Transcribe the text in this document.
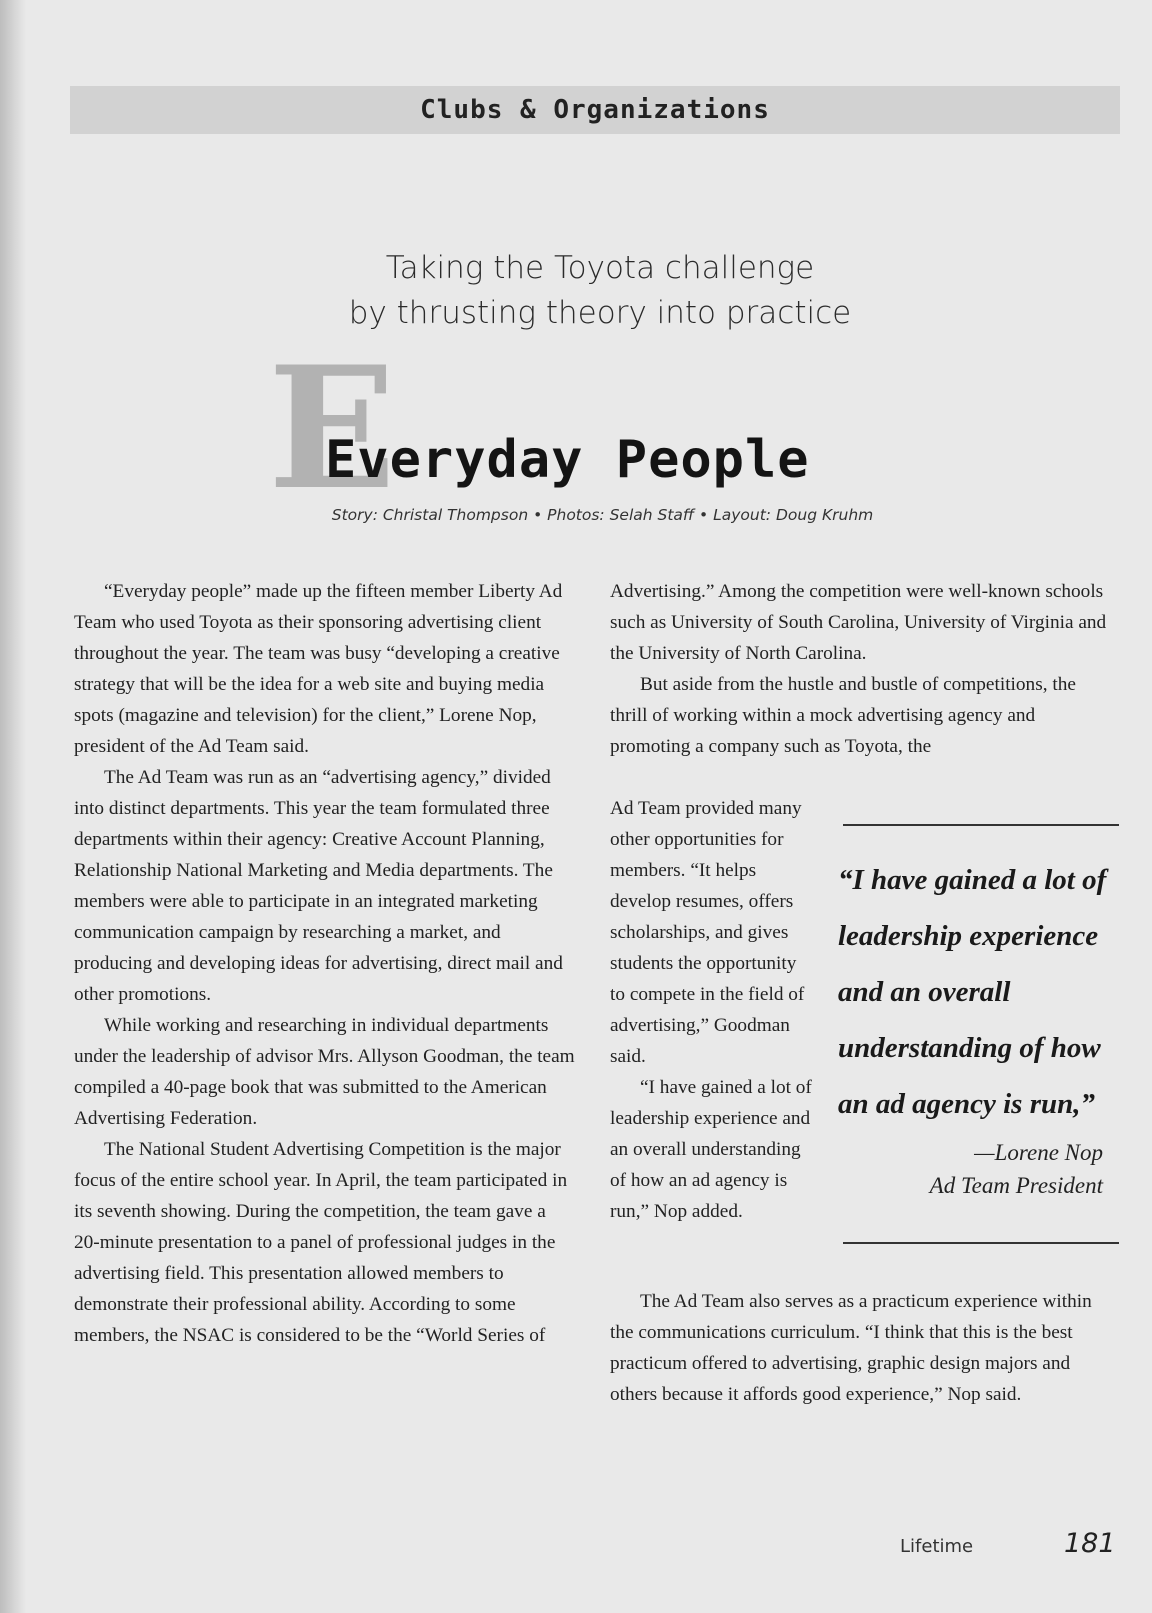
Clubs & Organizations
Taking the Toyota challenge
by thrusting theory into practice
E
Everyday People
Story: Christal Thompson • Photos: Selah Staff • Layout: Doug Kruhm

“Everyday people” made up the fifteen member Liberty Ad Team who used Toyota as their sponsoring advertising client throughout the year. The team was busy “developing a creative strategy that will be the idea for a web site and buying media spots (magazine and television) for the client,” Lorene Nop, president of the Ad Team said.

The Ad Team was run as an “advertising agency,” divided into distinct departments. This year the team formulated three departments within their agency: Creative Account Planning, Relationship National Marketing and Media departments. The members were able to participate in an integrated marketing communication campaign by researching a market, and producing and developing ideas for advertising, direct mail and other promotions.

While working and researching in individual departments under the leadership of advisor Mrs. Allyson Goodman, the team compiled a 40-page book that was submitted to the American Advertising Federation.

The National Student Advertising Competition is the major focus of the entire school year. In April, the team participated in its seventh showing. During the competition, the team gave a 20-minute presentation to a panel of professional judges in the advertising field. This presentation allowed members to demonstrate their professional ability. According to some members, the NSAC is considered to be the “World Series of

Advertising.” Among the competition were well-known schools such as University of South Carolina, University of Virginia and the University of North Carolina.

But aside from the hustle and bustle of competitions, the thrill of working within a mock advertising agency and promoting a company such as Toyota, the

Ad Team provided many other opportunities for members. “It helps develop resumes, offers scholarships, and gives students the opportunity to compete in the field of advertising,” Goodman said.

“I have gained a lot of leadership experience and an overall understanding of how an ad agency is run,” Nop added.

The Ad Team also serves as a practicum experience within the communications curriculum. “I think that this is the best practicum offered to advertising, graphic design majors and others because it affords good experience,” Nop said.

“I have gained a lot of leadership experience and an overall understanding of how an ad agency is run,”
—Lorene Nop
Ad Team President
Lifetime	181
